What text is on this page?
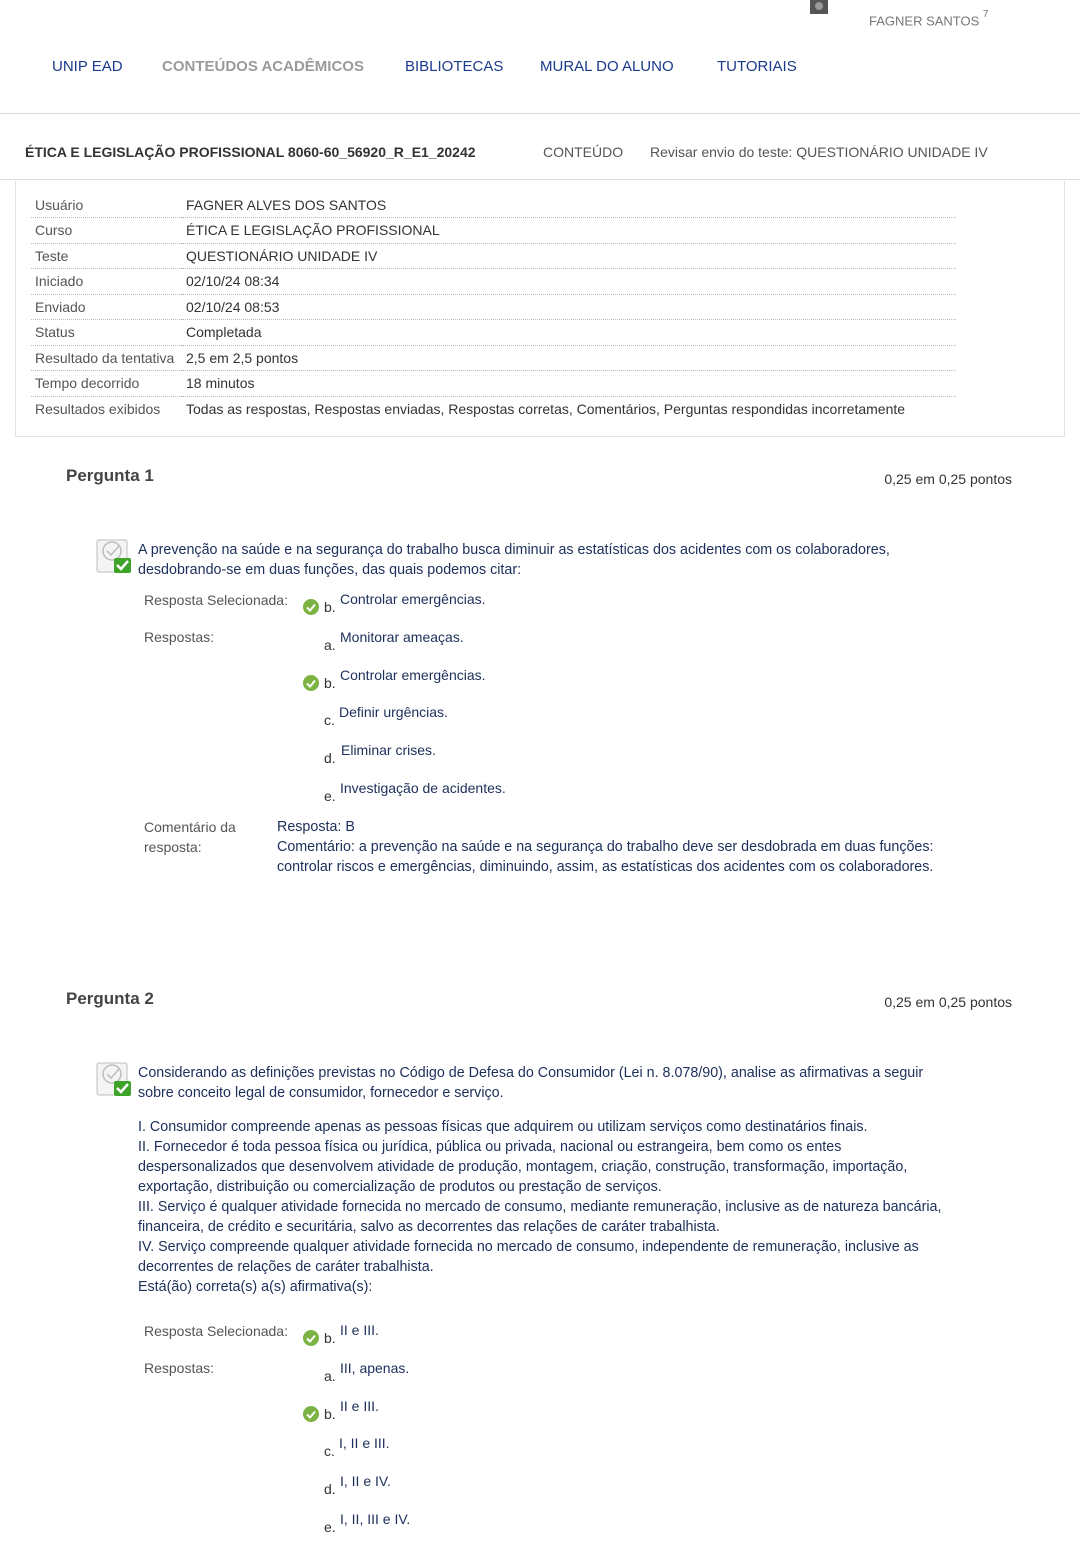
FAGNER SANTOS $^7$
UNIP EAD	CONTEÚDOS ACADÊMICOS	BIBLIOTECAS MURAL DO ALUNO	TUTORIAIS
ÉTICA E LEGISLAÇÃO PROFISSIONAL 8060-60_56920_R_E1_20242	CONTEÚDO Revisar envio do teste: QUESTIONÁRIO UNIDADE IV
Usuário	FAGNER ALVES DOS SANTOS
Curso	ÉTICA E LEGISLAÇÃO PROFISSIONAL
Teste	QUESTIONÁRIO UNIDADE IV
Iniciado	02/10/24 08:34
Enviado	02/10/24 08:53
Status	Completada
Resultado da tentativa	2,5 em 2,5 pontos
Tempo decorrido	18 minutos
Resultados exibidos	Todas as respostas, Respostas enviadas, Respostas corretas, Comentários, Perguntas respondidas incorretamente
Pergunta 1	0,25 em 0,25 pontos
A prevenção na saúde e na segurança do trabalho busca diminuir as estatísticas dos acidentes com os colaboradores,
desdobrando-se em duas funções, das quais podemos citar:
Resposta Selecionada:	b. Controlar emergências.
Respostas:	a. Monitorar ameaças.
b. Controlar emergências.
c. Definir urgências.
d. Eliminar crises.
e. Investigação de acidentes.
Comentário da
resposta:
Resposta: B
Comentário: a prevenção na saúde e na segurança do trabalho deve ser desdobrada em duas funções:
controlar riscos e emergências, diminuindo, assim, as estatísticas dos acidentes com os colaboradores.
Pergunta 2	0,25 em 0,25 pontos
Considerando as definições previstas no Código de Defesa do Consumidor (Lei n. 8.078/90), analise as afirmativas a seguir
sobre conceito legal de consumidor, fornecedor e serviço.
I. Consumidor compreende apenas as pessoas físicas que adquirem ou utilizam serviços como destinatários finais.
II. Fornecedor é toda pessoa física ou jurídica, pública ou privada, nacional ou estrangeira, bem como os entes
despersonalizados que desenvolvem atividade de produção, montagem, criação, construção, transformação, importação,
exportação, distribuição ou comercialização de produtos ou prestação de serviços.
III. Serviço é qualquer atividade fornecida no mercado de consumo, mediante remuneração, inclusive as de natureza bancária,
financeira, de crédito e securitária, salvo as decorrentes das relações de caráter trabalhista.
IV. Serviço compreende qualquer atividade fornecida no mercado de consumo, independente de remuneração, inclusive as
decorrentes de relações de caráter trabalhista.
Está(ão) correta(s) a(s) afirmativa(s):
Resposta Selecionada:	b. II e III.
Respostas:	a. III, apenas.
b. II e III.
c. I, II e III.
d. I, II e IV.
e. I, II, III e IV.
